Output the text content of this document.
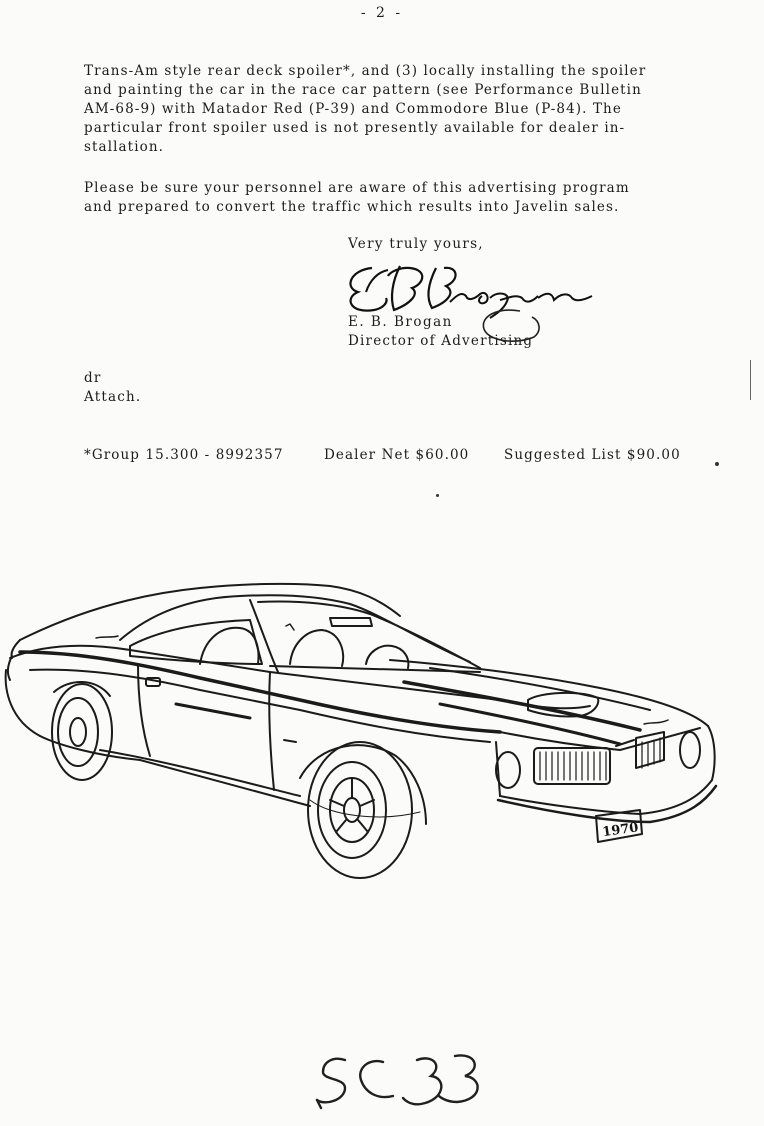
- 2 -
Trans-Am style rear deck spoiler*, and (3) locally installing the spoiler
and painting the car in the race car pattern (see Performance Bulletin
AM-68-9) with Matador Red (P-39) and Commodore Blue (P-84). The
particular front spoiler used is not presently available for dealer in-
stallation.
Please be sure your personnel are aware of this advertising program
and prepared to convert the traffic which results into Javelin sales.
Very truly yours,
E. B. Brogan
Director of Advertising
dr
Attach.
*Group 15.300 - 8992357	Dealer Net $60.00	Suggested List $90.00
1970
5333
